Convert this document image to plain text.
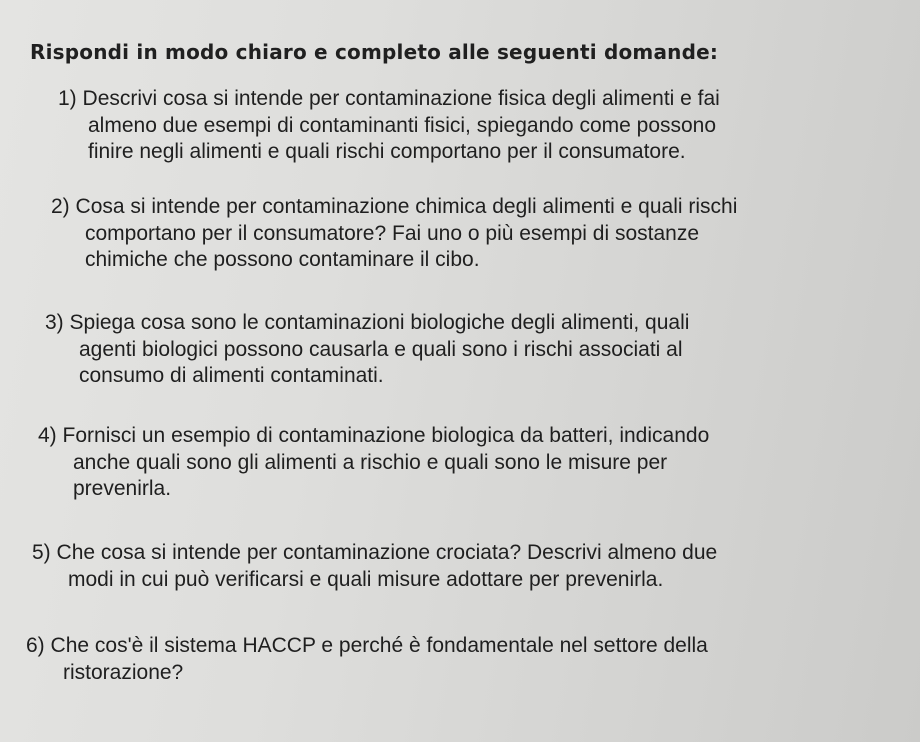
Rispondi in modo chiaro e completo alle seguenti domande:
1) Descrivi cosa si intende per contaminazione fisica degli alimenti e fai
almeno due esempi di contaminanti fisici, spiegando come possono
finire negli alimenti e quali rischi comportano per il consumatore.
2) Cosa si intende per contaminazione chimica degli alimenti e quali rischi
comportano per il consumatore? Fai uno o più esempi di sostanze
chimiche che possono contaminare il cibo.
3) Spiega cosa sono le contaminazioni biologiche degli alimenti, quali
agenti biologici possono causarla e quali sono i rischi associati al
consumo di alimenti contaminati.
4) Fornisci un esempio di contaminazione biologica da batteri, indicando
anche quali sono gli alimenti a rischio e quali sono le misure per
prevenirla.
5) Che cosa si intende per contaminazione crociata? Descrivi almeno due
modi in cui può verificarsi e quali misure adottare per prevenirla.
6) Che cos'è il sistema HACCP e perché è fondamentale nel settore della
ristorazione?
